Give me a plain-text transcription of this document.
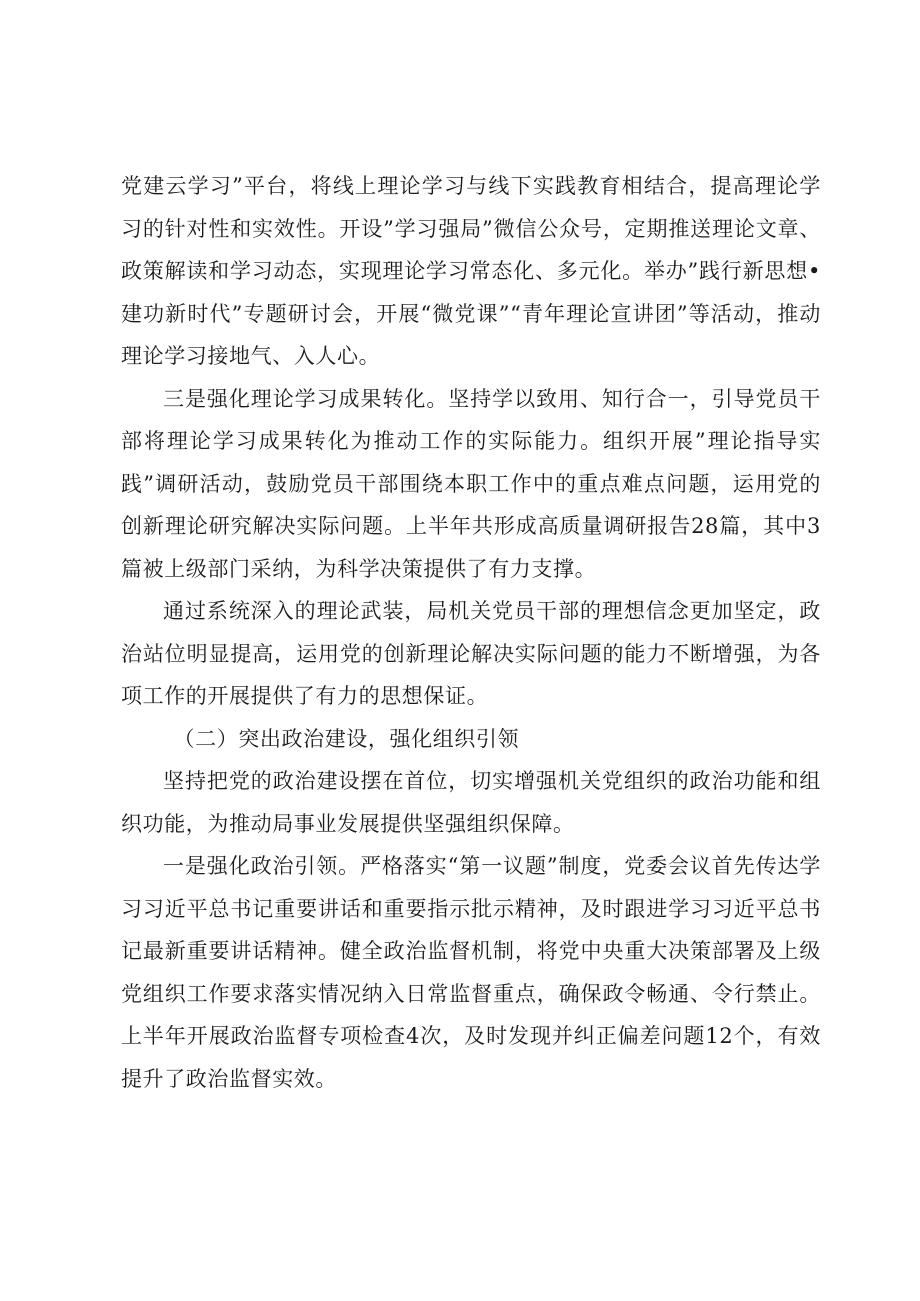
党建云学习”平台，将线上理论学习与线下实践教育相结合，提高理论学习的针对性和实效性。开设”学习强局”微信公众号，定期推送理论文章、政策解读和学习动态，实现理论学习常态化、多元化。举办”践行新思想•建功新时代”专题研讨会，开展“微党课”“青年理论宣讲团”等活动，推动理论学习接地气、入人心。

三是强化理论学习成果转化。坚持学以致用、知行合一，引导党员干部将理论学习成果转化为推动工作的实际能力。组织开展”理论指导实践”调研活动，鼓励党员干部围绕本职工作中的重点难点问题，运用党的创新理论研究解决实际问题。上半年共形成高质量调研报告28篇，其中3篇被上级部门采纳，为科学决策提供了有力支撑。

通过系统深入的理论武装，局机关党员干部的理想信念更加坚定，政治站位明显提高，运用党的创新理论解决实际问题的能力不断增强，为各项工作的开展提供了有力的思想保证。

（二）突出政治建设，强化组织引领

坚持把党的政治建设摆在首位，切实增强机关党组织的政治功能和组织功能，为推动局事业发展提供坚强组织保障。

一是强化政治引领。严格落实“第一议题”制度，党委会议首先传达学习习近平总书记重要讲话和重要指示批示精神，及时跟进学习习近平总书记最新重要讲话精神。健全政治监督机制，将党中央重大决策部署及上级党组织工作要求落实情况纳入日常监督重点，确保政令畅通、令行禁止。上半年开展政治监督专项检查4次，及时发现并纠正偏差问题12个，有效提升了政治监督实效。
